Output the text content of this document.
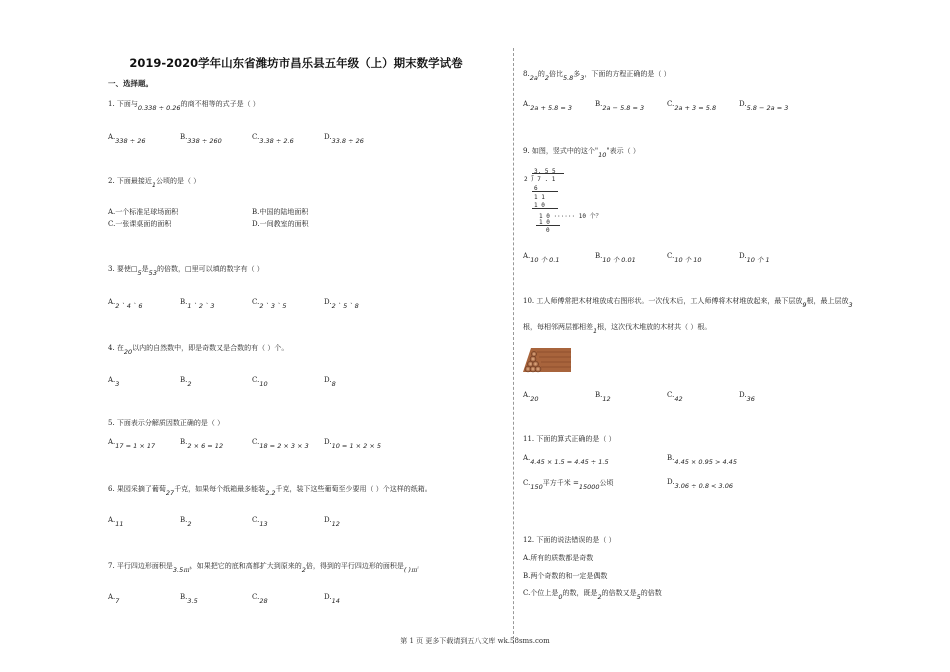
2019-2020学年山东省潍坊市昌乐县五年级（上）期末数学试卷
一、选择题。
1. 下面与0.338 ÷ 0.26的商不相等的式子是（ ）
A.338 ÷ 26	B.338 ÷ 260	C.3.38 ÷ 2.6	D.33.8 ÷ 26
2. 下面最接近1公顷的是（ ）
A.一个标准足球场面积	B.中国的陆地面积
C.一张课桌面的面积	D.一间教室的面积
3. 要使□5是53的倍数，□里可以填的数字有（ ）
A.2 ` 4 ` 6	B.1 ` 2 ` 3	C.2 ` 3 ` 5	D.2 ` 5 ` 8
4. 在20以内的自然数中，即是奇数又是合数的有（ ）个。
A.3	B.2	C.10	D.8
5. 下面表示分解质因数正确的是（ ）
A.17 = 1 × 17	B.2 × 6 = 12	C.18 = 2 × 3 × 3 D.10 = 1 × 2 × 5
6. 果园采摘了葡萄27千克，如果每个纸箱最多能装2.2千克，装下这些葡萄至少要用（ ）个这样的纸箱。
A.11	B.2	C.13	D.12
7. 平行四边形面积是3.5㎡，如果把它的底和高都扩大到原来的2倍，得到的平行四边形的面积是( )㎡
A.7	B.3.5	C.28	D.14
8.2a的2倍比5.8多3，下面的方程正确的是（ ）
A.2a + 5.8 = 3	B.2a − 5.8 = 3	C.2a + 3 = 5.8	D.5.8 − 2a = 3
9. 如图，竖式中的这个"10"表示（ ）
3. 5 5
2 ⟌ 7 . 1
6
1 1
1 0
1 0 ······ 10 个？
1 0
0
A.10 个 0.1	B.10 个 0.01	C.10 个 10	D.10 个 1
10. 工人师傅常把木材堆放成右图形状。一次伐木后，工人师傅将木材堆放起来，最下层放9根，最上层放3
根，每相邻两层都相差1根，这次伐木堆放的木材共（ ）根。
A.20	B.12	C.42	D.36
11. 下面的算式正确的是（ ）
A.4.45 × 1.5 = 4.45 ÷ 1.5	B.4.45 × 0.95 > 4.45
C.150平方千米 =15000公顷	D.3.06 ÷ 0.8 < 3.06
12. 下面的说法错误的是（ ）
A.所有的质数都是奇数
B.两个奇数的和一定是偶数
C.个位上是0的数，既是2的倍数又是5的倍数
第 1 页 更多下载请到五八文库 wk.58sms.com
